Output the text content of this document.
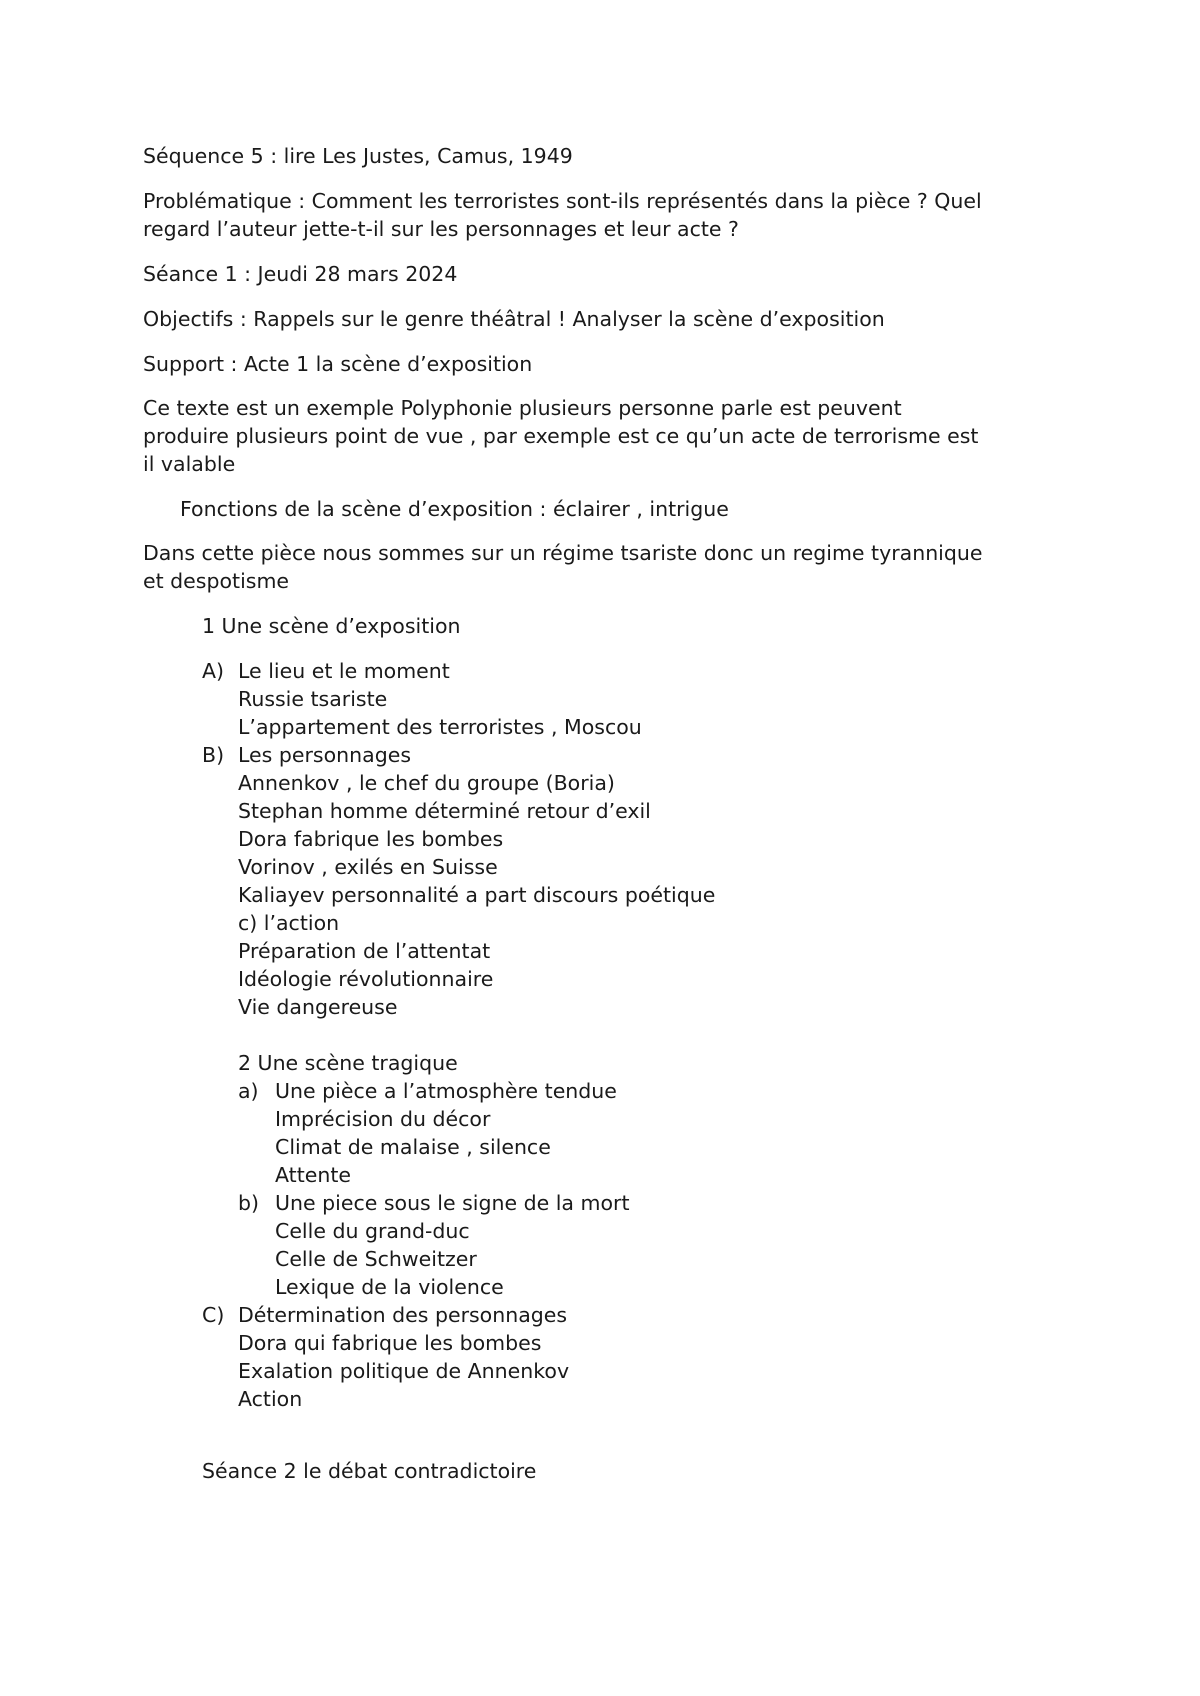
Séquence 5 : lire Les Justes, Camus, 1949
Problématique : Comment les terroristes sont-ils représentés dans la pièce ? Quel
regard l’auteur jette-t-il sur les personnages et leur acte ?
Séance 1 : Jeudi 28 mars 2024
Objectifs : Rappels sur le genre théâtral ! Analyser la scène d’exposition
Support : Acte 1 la scène d’exposition
Ce texte est un exemple Polyphonie plusieurs personne parle est peuvent
produire plusieurs point de vue , par exemple est ce qu’un acte de terrorisme est
il valable
Fonctions de la scène d’exposition : éclairer , intrigue
Dans cette pièce nous sommes sur un régime tsariste donc un regime tyrannique
et despotisme
1 Une scène d’exposition
A) Le lieu et le moment
Russie tsariste
L’appartement des terroristes , Moscou
B) Les personnages
Annenkov , le chef du groupe (Boria)
Stephan homme déterminé retour d’exil
Dora fabrique les bombes
Vorinov , exilés en Suisse
Kaliayev personnalité a part discours poétique
c) l’action
Préparation de l’attentat
Idéologie révolutionnaire
Vie dangereuse
2 Une scène tragique
a) Une pièce a l’atmosphère tendue
Imprécision du décor
Climat de malaise , silence
Attente
b) Une piece sous le signe de la mort
Celle du grand-duc
Celle de Schweitzer
Lexique de la violence
C) Détermination des personnages
Dora qui fabrique les bombes
Exalation politique de Annenkov
Action
Séance 2 le débat contradictoire
